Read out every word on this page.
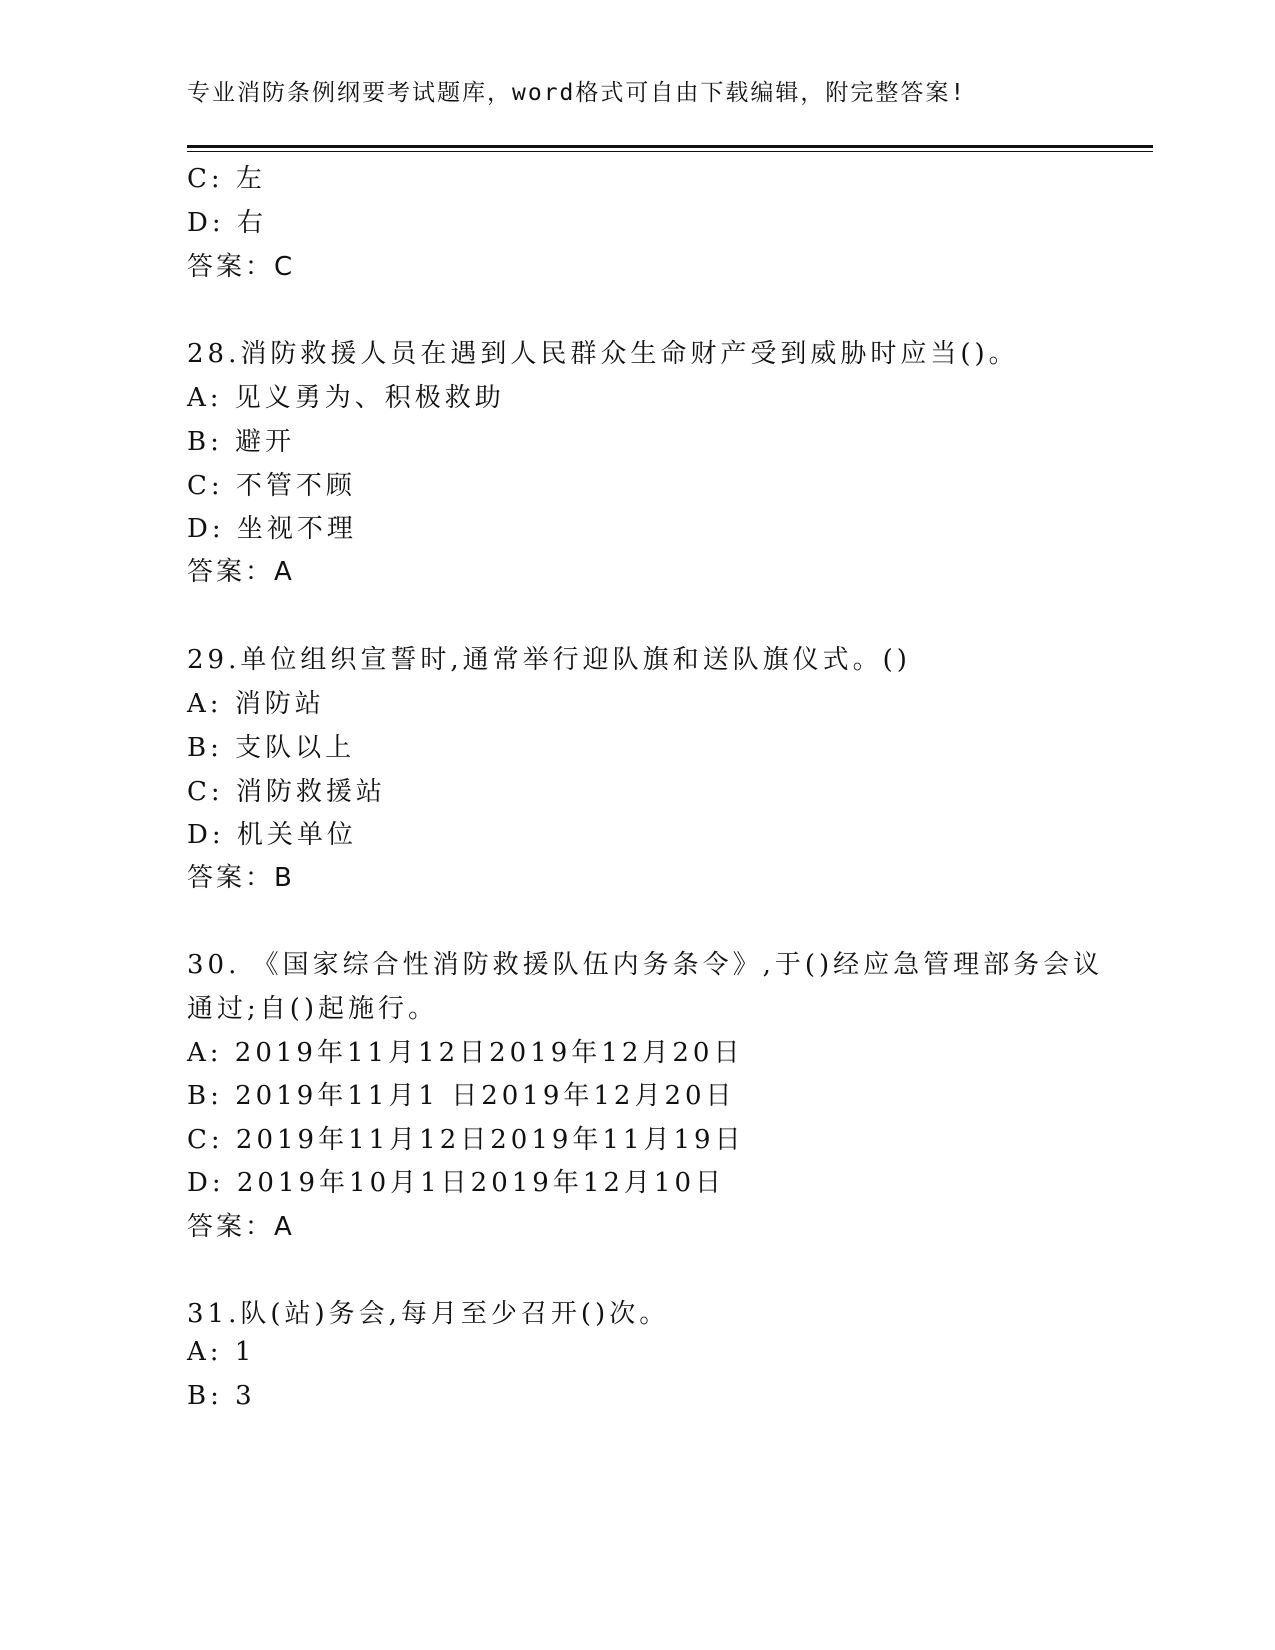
专业消防条例纲要考试题库，word格式可自由下载编辑，附完整答案!
C: 左
D: 右
答案：C
28.消防救援人员在遇到人民群众生命财产受到威胁时应当()。
A: 见义勇为、积极救助
B: 避开
C: 不管不顾
D: 坐视不理
答案：A
29.单位组织宣誓时,通常举行迎队旗和送队旗仪式。()
A: 消防站
B: 支队以上
C: 消防救援站
D: 机关单位
答案：B
30. 《国家综合性消防救援队伍内务条令》,于()经应急管理部务会议
通过;自()起施行。
A: 2019年11月12日2019年12月20日
B: 2019年11月1 日2019年12月20日
C: 2019年11月12日2019年11月19日
D: 2019年10月1日2019年12月10日
答案：A
31.队(站)务会,每月至少召开()次。
A: 1
B: 3
